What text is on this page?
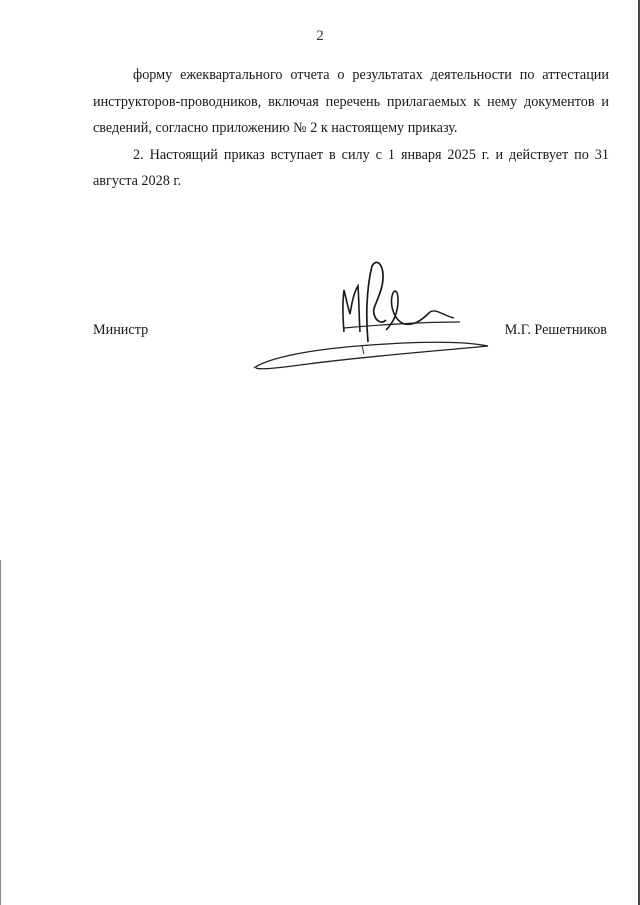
2

форму ежеквартального отчета о результатах деятельности по аттестации инструкторов-проводников, включая перечень прилагаемых к нему документов и сведений, согласно приложению № 2 к настоящему приказу.

2. Настоящий приказ вступает в силу с 1 января 2025 г. и действует по 31 августа 2028 г.

Министр	М.Г. Решетников
